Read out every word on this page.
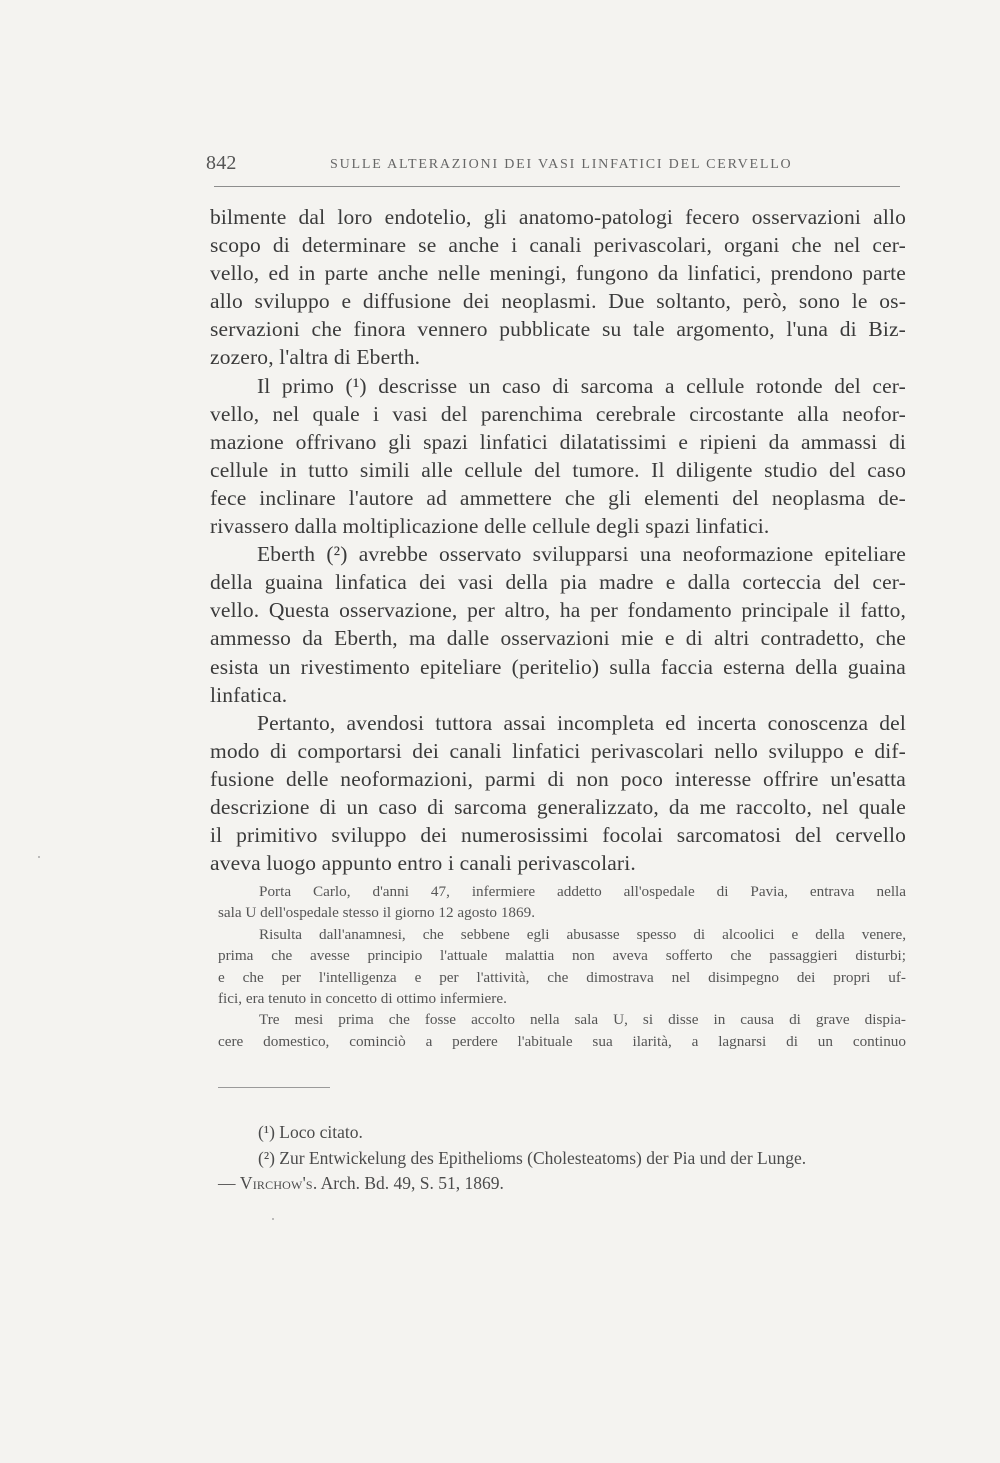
842	SULLE ALTERAZIONI DEI VASI LINFATICI DEL CERVELLO
bilmente dal loro endotelio, gli anatomo-patologi fecero osservazioni allo
scopo di determinare se anche i canali perivascolari, organi che nel cer-
vello, ed in parte anche nelle meningi, fungono da linfatici, prendono parte
allo sviluppo e diffusione dei neoplasmi. Due soltanto, però, sono le os-
servazioni che finora vennero pubblicate su tale argomento, l'una di Biz-
zozero, l'altra di Eberth.
Il primo (¹) descrisse un caso di sarcoma a cellule rotonde del cer-
vello, nel quale i vasi del parenchima cerebrale circostante alla neofor-
mazione offrivano gli spazi linfatici dilatatissimi e ripieni da ammassi di
cellule in tutto simili alle cellule del tumore. Il diligente studio del caso
fece inclinare l'autore ad ammettere che gli elementi del neoplasma de-
rivassero dalla moltiplicazione delle cellule degli spazi linfatici.
Eberth (²) avrebbe osservato svilupparsi una neoformazione epiteliare
della guaina linfatica dei vasi della pia madre e dalla corteccia del cer-
vello. Questa osservazione, per altro, ha per fondamento principale il fatto,
ammesso da Eberth, ma dalle osservazioni mie e di altri contradetto, che
esista un rivestimento epiteliare (peritelio) sulla faccia esterna della guaina
linfatica.
Pertanto, avendosi tuttora assai incompleta ed incerta conoscenza del
modo di comportarsi dei canali linfatici perivascolari nello sviluppo e dif-
fusione delle neoformazioni, parmi di non poco interesse offrire un'esatta
descrizione di un caso di sarcoma generalizzato, da me raccolto, nel quale
il primitivo sviluppo dei numerosissimi focolai sarcomatosi del cervello
aveva luogo appunto entro i canali perivascolari.
Porta Carlo, d'anni 47, infermiere addetto all'ospedale di Pavia, entrava nella
sala U dell'ospedale stesso il giorno 12 agosto 1869.
Risulta dall'anamnesi, che sebbene egli abusasse spesso di alcoolici e della venere,
prima che avesse principio l'attuale malattia non aveva sofferto che passaggieri disturbi;
e che per l'intelligenza e per l'attività, che dimostrava nel disimpegno dei propri uf-
fici, era tenuto in concetto di ottimo infermiere.
Tre mesi prima che fosse accolto nella sala U, si disse in causa di grave dispia-
cere domestico, cominciò a perdere l'abituale sua ilarità, a lagnarsi di un continuo
(¹) Loco citato.
(²) Zur Entwickelung des Epithelioms (Cholesteatoms) der Pia und der Lunge.
— Virchow's. Arch. Bd. 49, S. 51, 1869.
